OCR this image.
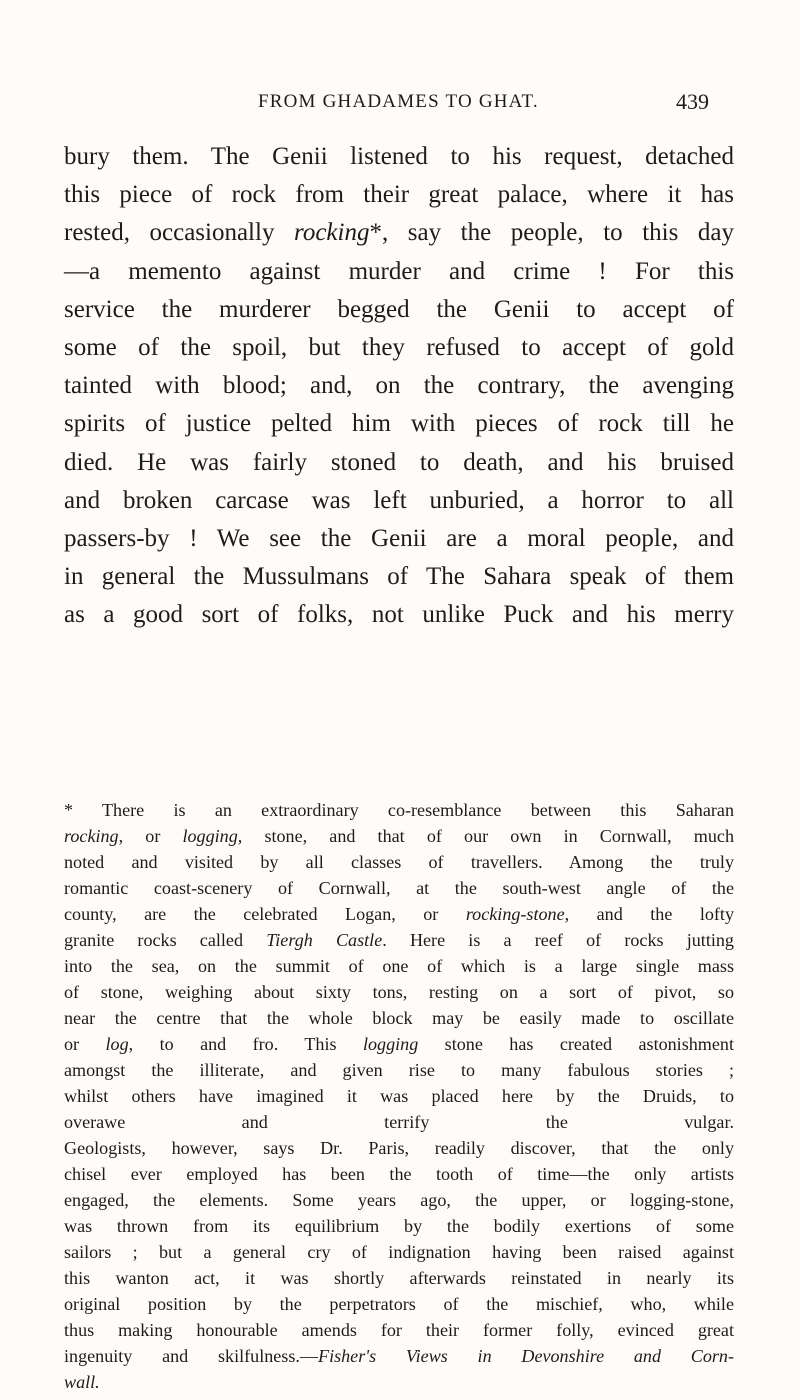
FROM GHADAMES TO GHAT.	439
bury them. The Genii listened to his request, detached
this piece of rock from their great palace, where it has
rested, occasionally rocking*, say the people, to this day
—a memento against murder and crime ! For this
service the murderer begged the Genii to accept of
some of the spoil, but they refused to accept of gold
tainted with blood; and, on the contrary, the avenging
spirits of justice pelted him with pieces of rock till he
died. He was fairly stoned to death, and his bruised
and broken carcase was left unburied, a horror to all
passers-by ! We see the Genii are a moral people, and
in general the Mussulmans of The Sahara speak of them
as a good sort of folks, not unlike Puck and his merry
* There is an extraordinary co-resemblance between this Saharan
rocking, or logging, stone, and that of our own in Cornwall, much
noted and visited by all classes of travellers. Among the truly
romantic coast-scenery of Cornwall, at the south-west angle of the
county, are the celebrated Logan, or rocking-stone, and the lofty
granite rocks called Tiergh Castle. Here is a reef of rocks jutting
into the sea, on the summit of one of which is a large single mass
of stone, weighing about sixty tons, resting on a sort of pivot, so
near the centre that the whole block may be easily made to oscillate
or log, to and fro. This logging stone has created astonishment
amongst the illiterate, and given rise to many fabulous stories ;
whilst others have imagined it was placed here by the Druids, to
overawe and terrify the vulgar.
Geologists, however, says Dr. Paris, readily discover, that the only
chisel ever employed has been the tooth of time—the only artists
engaged, the elements. Some years ago, the upper, or logging-stone,
was thrown from its equilibrium by the bodily exertions of some
sailors ; but a general cry of indignation having been raised against
this wanton act, it was shortly afterwards reinstated in nearly its
original position by the perpetrators of the mischief, who, while
thus making honourable amends for their former folly, evinced great
ingenuity and skilfulness.—Fisher's Views in Devonshire and Corn-
wall.
